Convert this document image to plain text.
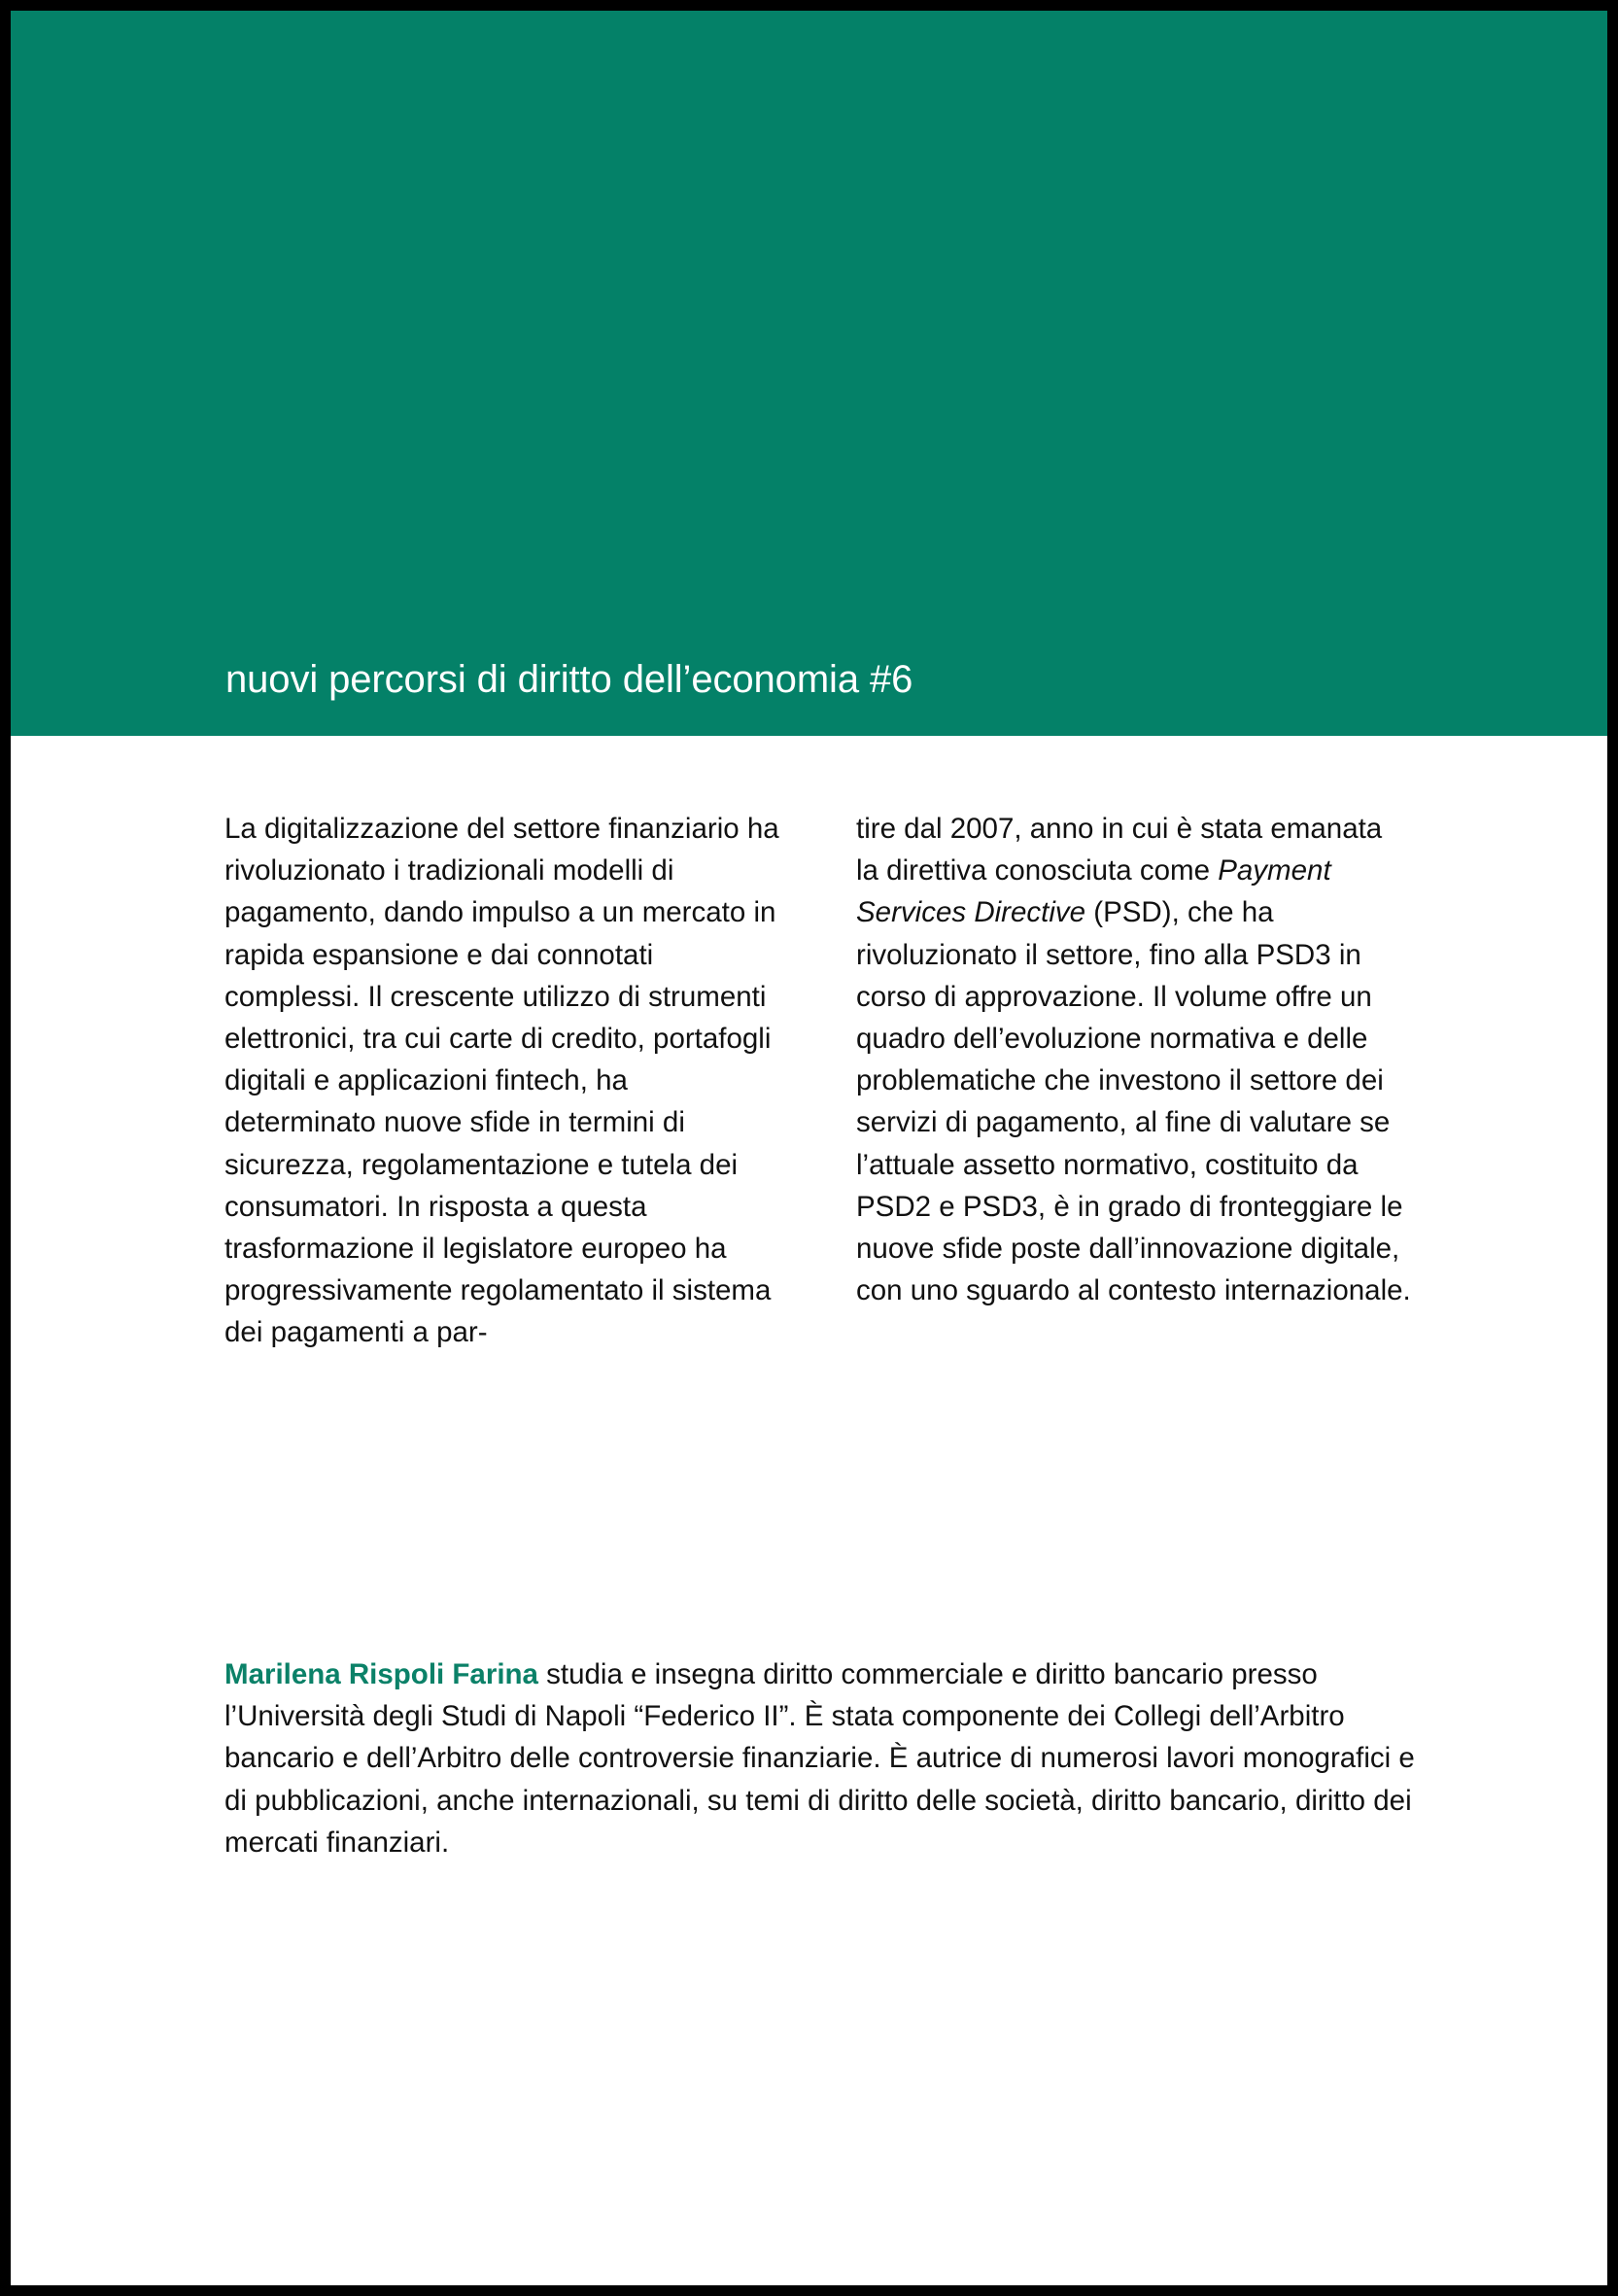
nuovi percorsi di diritto dell’economia #6
La digitalizzazione del settore finanziario ha rivoluzionato i tradizionali modelli di pagamento, dando impulso a un mercato in rapida espansione e dai connotati complessi. Il crescente utilizzo di strumenti elettronici, tra cui carte di credito, portafogli digitali e applicazioni fintech, ha determinato nuove sfide in termini di sicurezza, regolamentazione e tutela dei consumatori. In risposta a questa trasformazione il legislatore europeo ha progressivamente regolamentato il sistema dei pagamenti a par-
tire dal 2007, anno in cui è stata emanata la direttiva conosciuta come Payment Services Directive (PSD), che ha rivoluzionato il settore, fino alla PSD3 in corso di approvazione. Il volume offre un quadro dell’evoluzione normativa e delle problematiche che investono il settore dei servizi di pagamento, al fine di valutare se l’attuale assetto normativo, costituito da PSD2 e PSD3, è in grado di fronteggiare le nuove sfide poste dall’innovazione digitale, con uno sguardo al contesto internazionale.
Marilena Rispoli Farina studia e insegna diritto commerciale e diritto bancario presso l’Università degli Studi di Napoli “Federico II”. È stata componente dei Collegi dell’Arbitro bancario e dell’Arbitro delle controversie finanziarie. È autrice di numerosi lavori monografici e di pubblicazioni, anche internazionali, su temi di diritto delle società, diritto bancario, diritto dei mercati finanziari.
